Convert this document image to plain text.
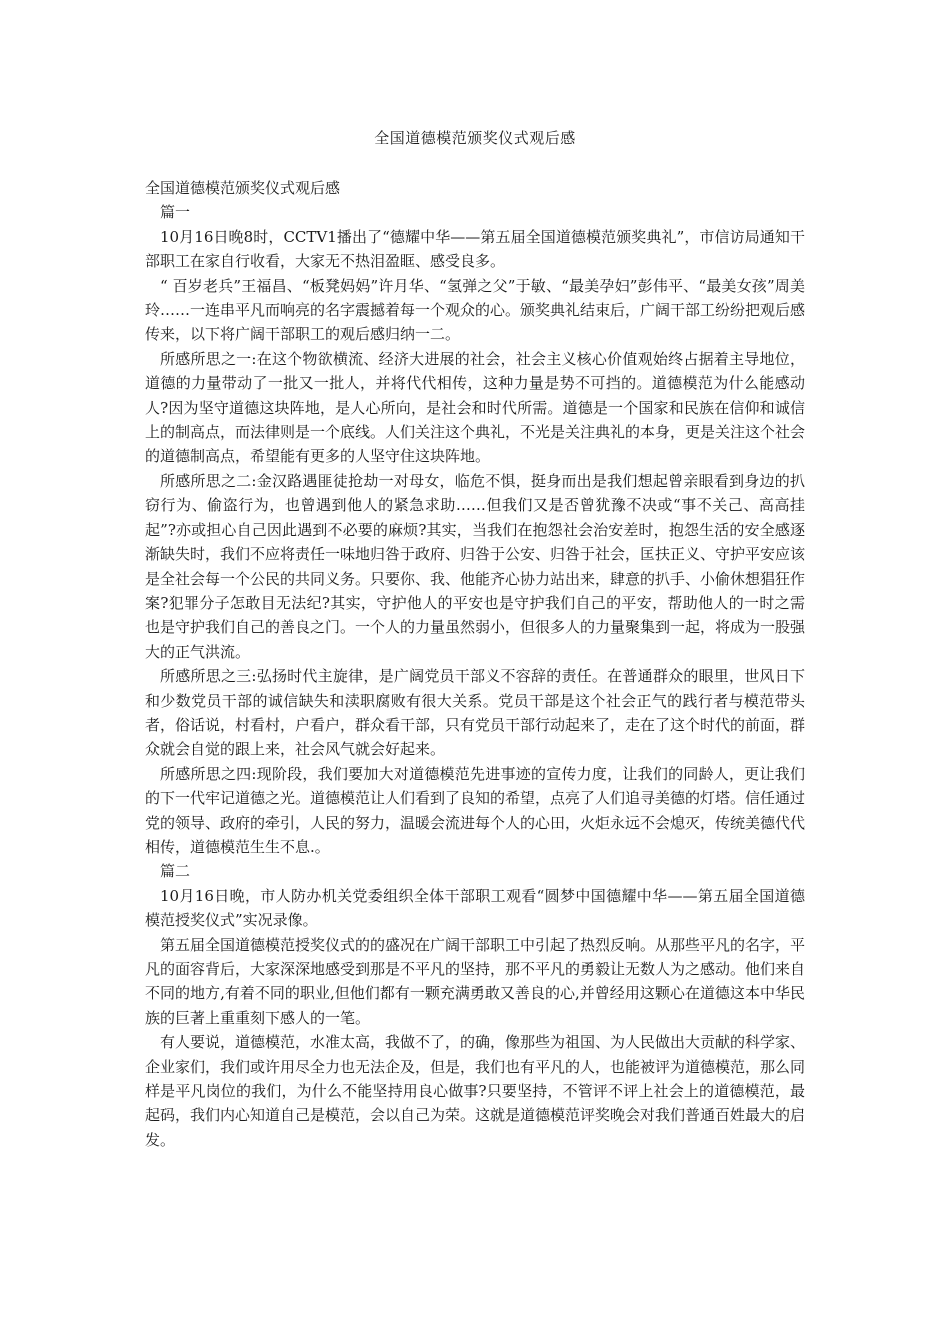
全国道德模范颁奖仪式观后感

全国道德模范颁奖仪式观后感

篇一

10月16日晚8时，CCTV1播出了“德耀中华——第五届全国道德模范颁奖典礼”，市信访局通知干部职工在家自行收看，大家无不热泪盈眶、感受良多。

“ 百岁老兵”王福昌、“板凳妈妈”许月华、“氢弹之父”于敏、“最美孕妇”彭伟平、“最美女孩”周美玲……一连串平凡而响亮的名字震撼着每一个观众的心。颁奖典礼结束后，广阔干部工纷纷把观后感传来，以下将广阔干部职工的观后感归纳一二。

所感所思之一:在这个物欲横流、经济大进展的社会，社会主义核心价值观始终占据着主导地位，道德的力量带动了一批又一批人，并将代代相传，这种力量是势不可挡的。道德模范为什么能感动人?因为坚守道德这块阵地，是人心所向，是社会和时代所需。道德是一个国家和民族在信仰和诚信上的制高点，而法律则是一个底线。人们关注这个典礼，不光是关注典礼的本身，更是关注这个社会的道德制高点，希望能有更多的人坚守住这块阵地。

所感所思之二:金汉路遇匪徒抢劫一对母女，临危不惧，挺身而出是我们想起曾亲眼看到身边的扒窃行为、偷盗行为，也曾遇到他人的紧急求助……但我们又是否曾犹豫不决或“事不关己、高高挂起”?亦或担心自己因此遇到不必要的麻烦?其实，当我们在抱怨社会治安差时，抱怨生活的安全感逐渐缺失时，我们不应将责任一味地归咎于政府、归咎于公安、归咎于社会，匡扶正义、守护平安应该是全社会每一个公民的共同义务。只要你、我、他能齐心协力站出来，肆意的扒手、小偷休想猖狂作案?犯罪分子怎敢目无法纪?其实，守护他人的平安也是守护我们自己的平安，帮助他人的一时之需也是守护我们自己的善良之门。一个人的力量虽然弱小，但很多人的力量聚集到一起，将成为一股强大的正气洪流。

所感所思之三:弘扬时代主旋律，是广阔党员干部义不容辞的责任。在普通群众的眼里，世风日下和少数党员干部的诚信缺失和渎职腐败有很大关系。党员干部是这个社会正气的践行者与模范带头者，俗话说，村看村，户看户，群众看干部，只有党员干部行动起来了，走在了这个时代的前面，群众就会自觉的跟上来，社会风气就会好起来。

所感所思之四:现阶段，我们要加大对道德模范先进事迹的宣传力度，让我们的同龄人，更让我们的下一代牢记道德之光。道德模范让人们看到了良知的希望，点亮了人们追寻美德的灯塔。信任通过党的领导、政府的牵引，人民的努力，温暖会流进每个人的心田，火炬永远不会熄灭，传统美德代代相传，道德模范生生不息.。

篇二

10月16日晚，市人防办机关党委组织全体干部职工观看“圆梦中国德耀中华——第五届全国道德模范授奖仪式”实况录像。

第五届全国道德模范授奖仪式的的盛况在广阔干部职工中引起了热烈反响。从那些平凡的名字，平凡的面容背后，大家深深地感受到那是不平凡的坚持，那不平凡的勇毅让无数人为之感动。他们来自不同的地方,有着不同的职业,但他们都有一颗充满勇敢又善良的心,并曾经用这颗心在道德这本中华民族的巨著上重重刻下感人的一笔。

有人要说，道德模范，水准太高，我做不了，的确，像那些为祖国、为人民做出大贡献的科学家、企业家们，我们或许用尽全力也无法企及，但是，我们也有平凡的人，也能被评为道德模范，那么同样是平凡岗位的我们，为什么不能坚持用良心做事?只要坚持，不管评不评上社会上的道德模范，最起码，我们内心知道自己是模范，会以自己为荣。这就是道德模范评奖晚会对我们普通百姓最大的启发。
